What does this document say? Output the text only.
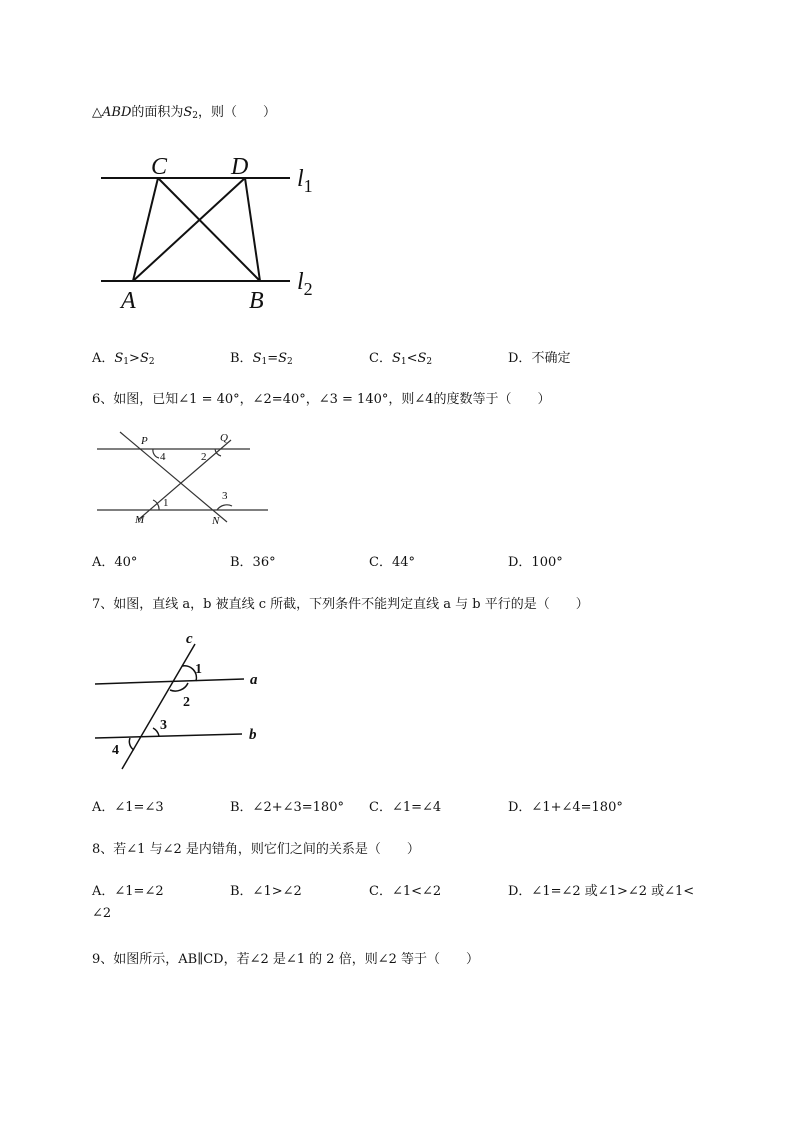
△ABD的面积为$S_2$，则（　　）
C	D
A	B
$l_1$
$l_2$
A．$S_1>S_2$	B．$S_1=S_2$	C．$S_1<S_2$	D．不确定
6、如图，已知∠1 = 40°，∠2=40°，∠3 = 140°，则∠4的度数等于（　　）
P	Q
M	N
1
2
3
4
A．40°	B．36°	C．44°	D．100°
7、如图，直线 a，b 被直线 c 所截，下列条件不能判定直线 a 与 b 平行的是（　　）
c
a
b
1
2
3
4
A．∠1=∠3	B．∠2+∠3=180° C．∠1=∠4	D．∠1+∠4=180°
8、若∠1 与∠2 是内错角，则它们之间的关系是（　　）
A．∠1=∠2	B．∠1>∠2	C．∠1<∠2	D．∠1=∠2 或∠1>∠2 或∠1<
∠2
9、如图所示，AB∥CD，若∠2 是∠1 的 2 倍，则∠2 等于（　　）
